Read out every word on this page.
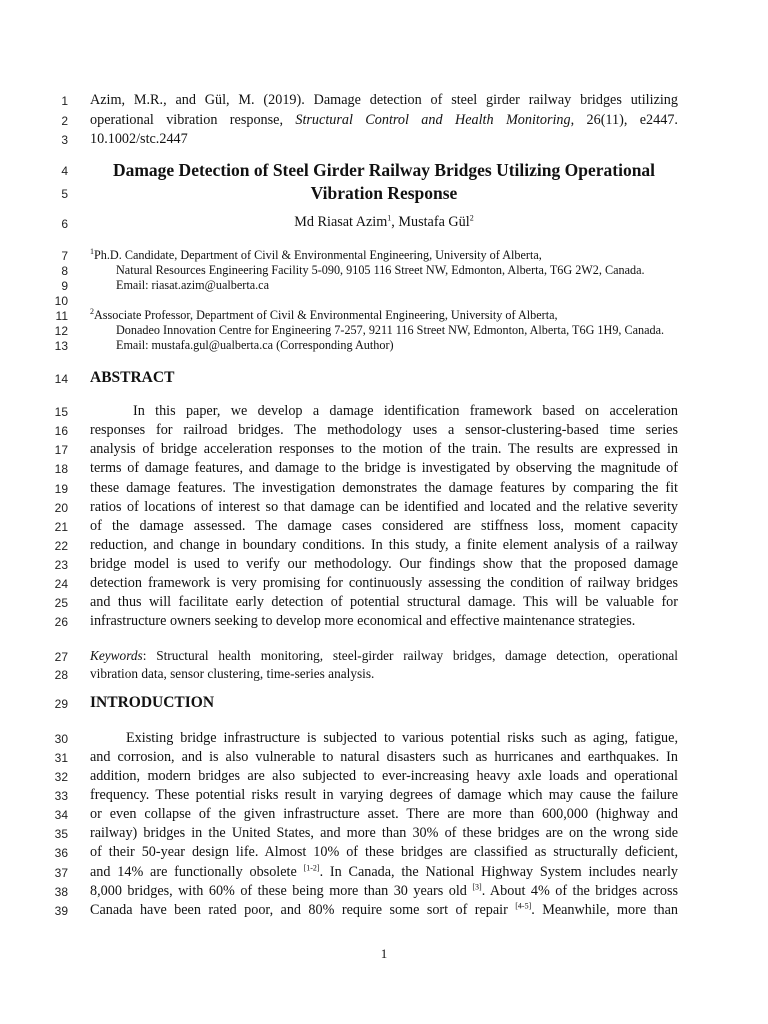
1
2
3
4
5
6
7
8
9
10
11
12
13
14
15
16
17
18
19
20
21
22
23
24
25
26
27
28
29
30
31
32
33
34
35
36
37
38
39
Azim, M.R., and Gül, M. (2019). Damage detection of steel girder railway bridges utilizing
operational vibration response, Structural Control and Health Monitoring, 26(11), e2447.
10.1002/stc.2447
Damage Detection of Steel Girder Railway Bridges Utilizing Operational
Vibration Response
Md Riasat Azim$^1$, Mustafa Gül$^2$
$^1$Ph.D. Candidate, Department of Civil & Environmental Engineering, University of Alberta,
Natural Resources Engineering Facility 5-090, 9105 116 Street NW, Edmonton, Alberta, T6G 2W2, Canada.
Email: riasat.azim@ualberta.ca
$^2$Associate Professor, Department of Civil & Environmental Engineering, University of Alberta,
Donadeo Innovation Centre for Engineering 7-257, 9211 116 Street NW, Edmonton, Alberta, T6G 1H9, Canada.
Email: mustafa.gul@ualberta.ca (Corresponding Author)
ABSTRACT
In this paper, we develop a damage identification framework based on acceleration
responses for railroad bridges. The methodology uses a sensor-clustering-based time series
analysis of bridge acceleration responses to the motion of the train. The results are expressed in
terms of damage features, and damage to the bridge is investigated by observing the magnitude of
these damage features. The investigation demonstrates the damage features by comparing the fit
ratios of locations of interest so that damage can be identified and located and the relative severity
of the damage assessed. The damage cases considered are stiffness loss, moment capacity
reduction, and change in boundary conditions. In this study, a finite element analysis of a railway
bridge model is used to verify our methodology. Our findings show that the proposed damage
detection framework is very promising for continuously assessing the condition of railway bridges
and thus will facilitate early detection of potential structural damage. This will be valuable for
infrastructure owners seeking to develop more economical and effective maintenance strategies.
Keywords: Structural health monitoring, steel-girder railway bridges, damage detection, operational
vibration data, sensor clustering, time-series analysis.
INTRODUCTION
Existing bridge infrastructure is subjected to various potential risks such as aging, fatigue,
and corrosion, and is also vulnerable to natural disasters such as hurricanes and earthquakes. In
addition, modern bridges are also subjected to ever-increasing heavy axle loads and operational
frequency. These potential risks result in varying degrees of damage which may cause the failure
or even collapse of the given infrastructure asset. There are more than 600,000 (highway and
railway) bridges in the United States, and more than 30% of these bridges are on the wrong side
of their 50-year design life. Almost 10% of these bridges are classified as structurally deficient,
and 14% are functionally obsolete [1-2]. In Canada, the National Highway System includes nearly
8,000 bridges, with 60% of these being more than 30 years old [3]. About 4% of the bridges across
Canada have been rated poor, and 80% require some sort of repair [4-5]. Meanwhile, more than
1
